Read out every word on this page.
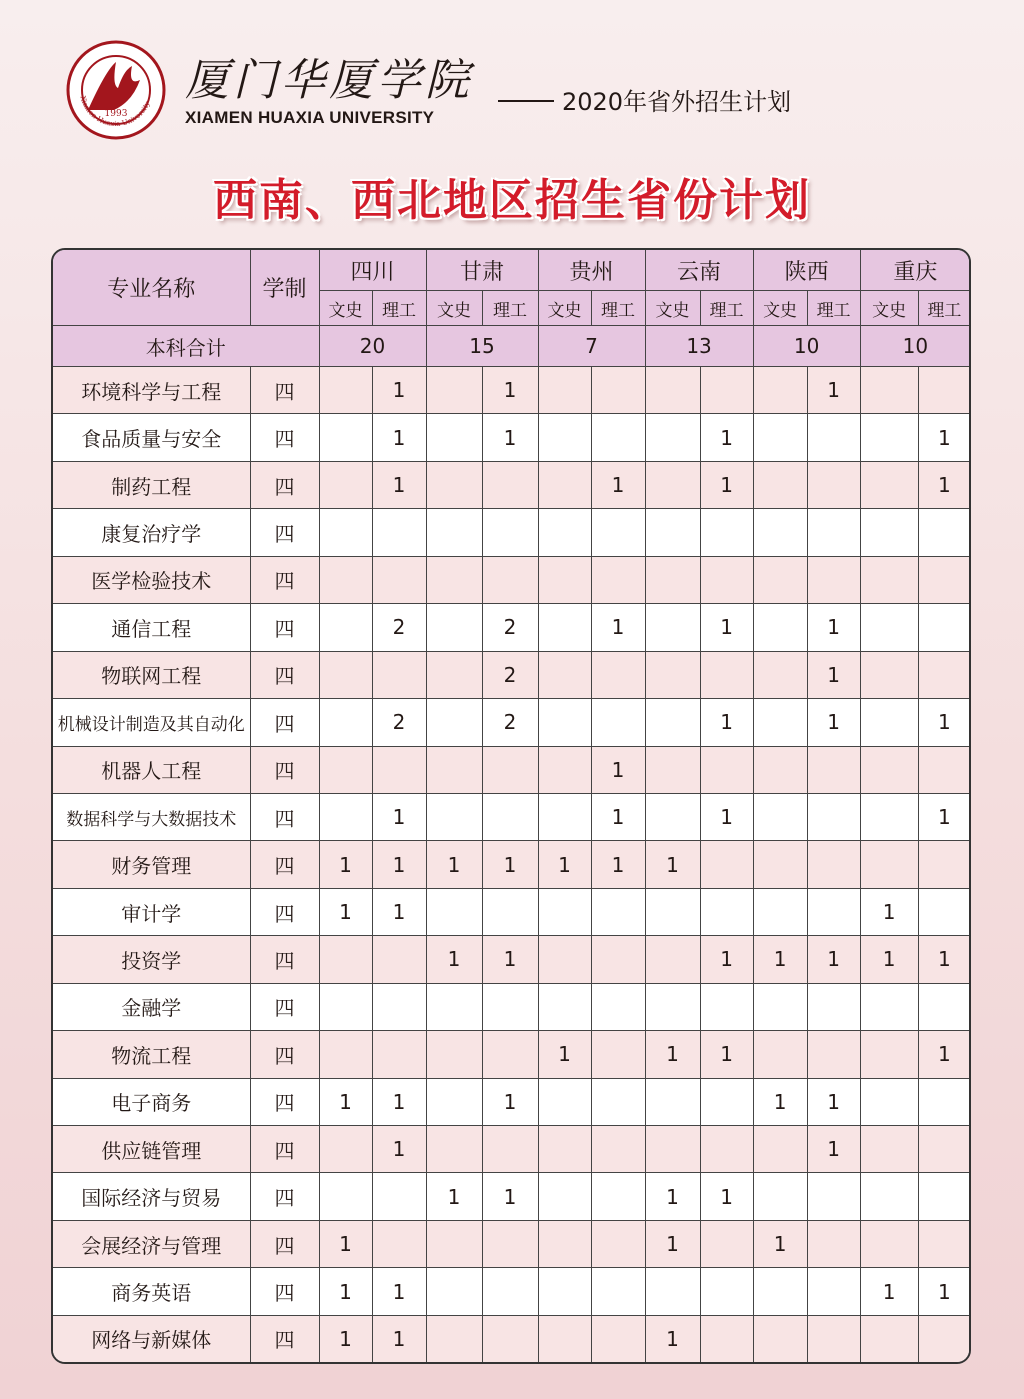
1993
Xiamen Huaxia University 厦门华厦学院
XIAMEN HUAXIA UNIVERSITY
2020年省外招生计划
西南、西北地区招生省份计划
专业名称	学制	四川		甘肃		贵州		云南		陕西		重庆	
		文史	理工	文史	理工	文史	理工	文史	理工	文史	理工	文史	理工
本科合计		20		15		7		13		10		10	
环境科学与工程	四		1		1						1		
食品质量与安全	四		1		1				1				1
制药工程	四		1				1		1				1
康复治疗学	四												
医学检验技术	四												
通信工程	四		2		2		1		1		1		
物联网工程	四				2						1		
机械设计制造及其自动化	四		2		2				1		1		1
机器人工程	四						1						
数据科学与大数据技术	四		1				1		1				1
财务管理	四	1	1	1	1	1	1	1					
审计学	四	1	1									1	
投资学	四			1	1				1	1	1	1	1
金融学	四												
物流工程	四					1		1	1				1
电子商务	四	1	1		1					1	1		
供应链管理	四		1								1		
国际经济与贸易	四			1	1			1	1				
会展经济与管理	四	1						1		1			
商务英语	四	1	1									1	1
网络与新媒体	四	1	1					1					
